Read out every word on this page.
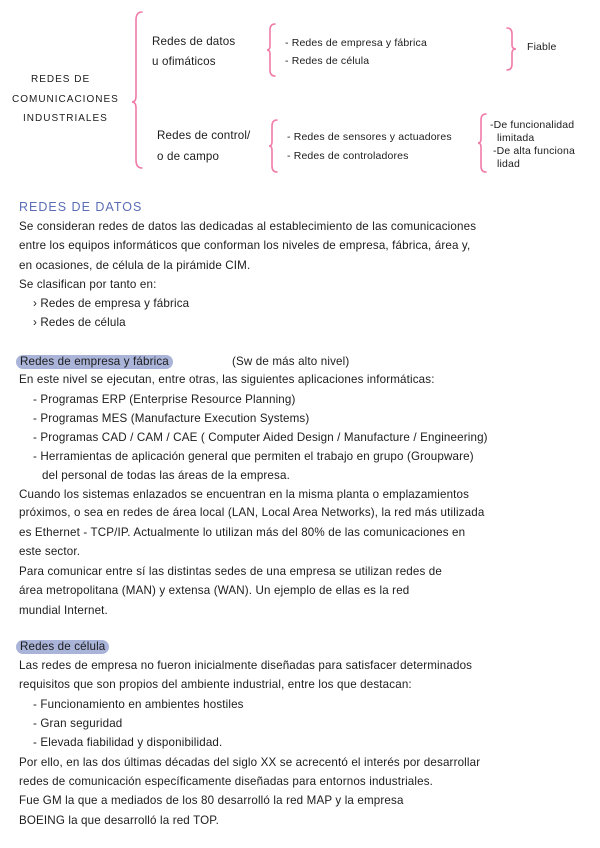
REDES DE
COMUNICACIONES
INDUSTRIALES
Redes de datos
u ofimáticos
- Redes de empresa y fábrica
- Redes de célula
Fiable
Redes de control/
o de campo
- Redes de sensores y actuadores
- Redes de controladores
-De funcionalidad
limitada
-De alta funciona
lidad
REDES DE DATOS
Se consideran redes de datos las dedicadas al establecimiento de las comunicaciones
entre los equipos informáticos que conforman los niveles de empresa, fábrica, área y,
en ocasiones, de célula de la pirámide CIM.
Se clasifican por tanto en:
› Redes de empresa y fábrica
› Redes de célula
Redes de empresa y fábrica	(Sw de más alto nivel)
En este nivel se ejecutan, entre otras, las siguientes aplicaciones informáticas:
- Programas ERP (Enterprise Resource Planning)
- Programas MES (Manufacture Execution Systems)
- Programas CAD / CAM / CAE ( Computer Aided Design / Manufacture / Engineering)
- Herramientas de aplicación general que permiten el trabajo en grupo (Groupware)
del personal de todas las áreas de la empresa.
Cuando los sistemas enlazados se encuentran en la misma planta o emplazamientos
próximos, o sea en redes de área local (LAN, Local Area Networks), la red más utilizada
es Ethernet - TCP/IP. Actualmente lo utilizan más del 80% de las comunicaciones en
este sector.
Para comunicar entre sí las distintas sedes de una empresa se utilizan redes de
área metropolitana (MAN) y extensa (WAN). Un ejemplo de ellas es la red
mundial Internet.
Redes de célula
Las redes de empresa no fueron inicialmente diseñadas para satisfacer determinados
requisitos que son propios del ambiente industrial, entre los que destacan:
- Funcionamiento en ambientes hostiles
- Gran seguridad
- Elevada fiabilidad y disponibilidad.
Por ello, en las dos últimas décadas del siglo XX se acrecentó el interés por desarrollar
redes de comunicación específicamente diseñadas para entornos industriales.
Fue GM la que a mediados de los 80 desarrolló la red MAP y la empresa
BOEING la que desarrolló la red TOP.
